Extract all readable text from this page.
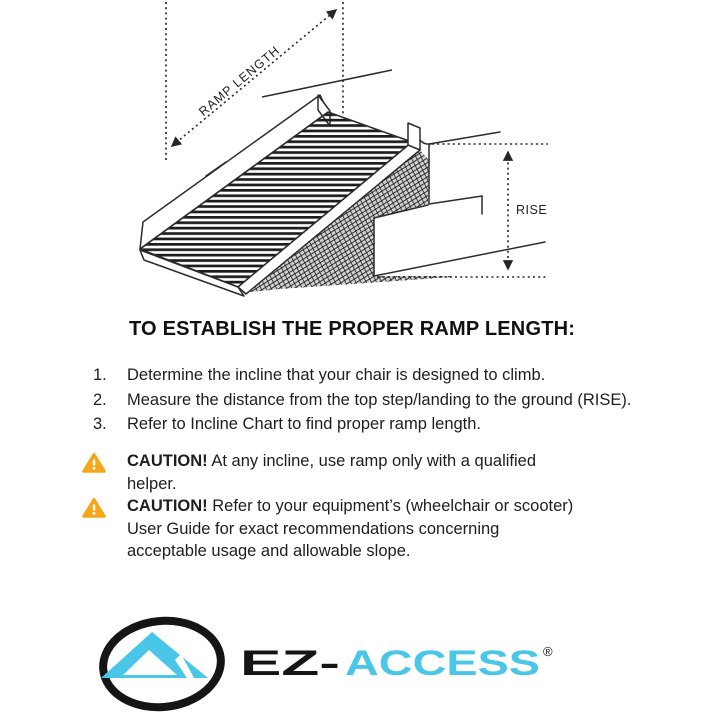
RAMP LENGTH
RISE
TO ESTABLISH THE PROPER RAMP LENGTH:
1.	Determine the incline that your chair is designed to climb.
2.	Measure the distance from the top step/landing to the ground (RISE).
3.	Refer to Incline Chart to find proper ramp length.
CAUTION! At any incline, use ramp only with a qualified
helper.
CAUTION! Refer to your equipment’s (wheelchair or scooter)
User Guide for exact recommendations concerning
acceptable usage and allowable slope.
EZ- ACCESS ®
